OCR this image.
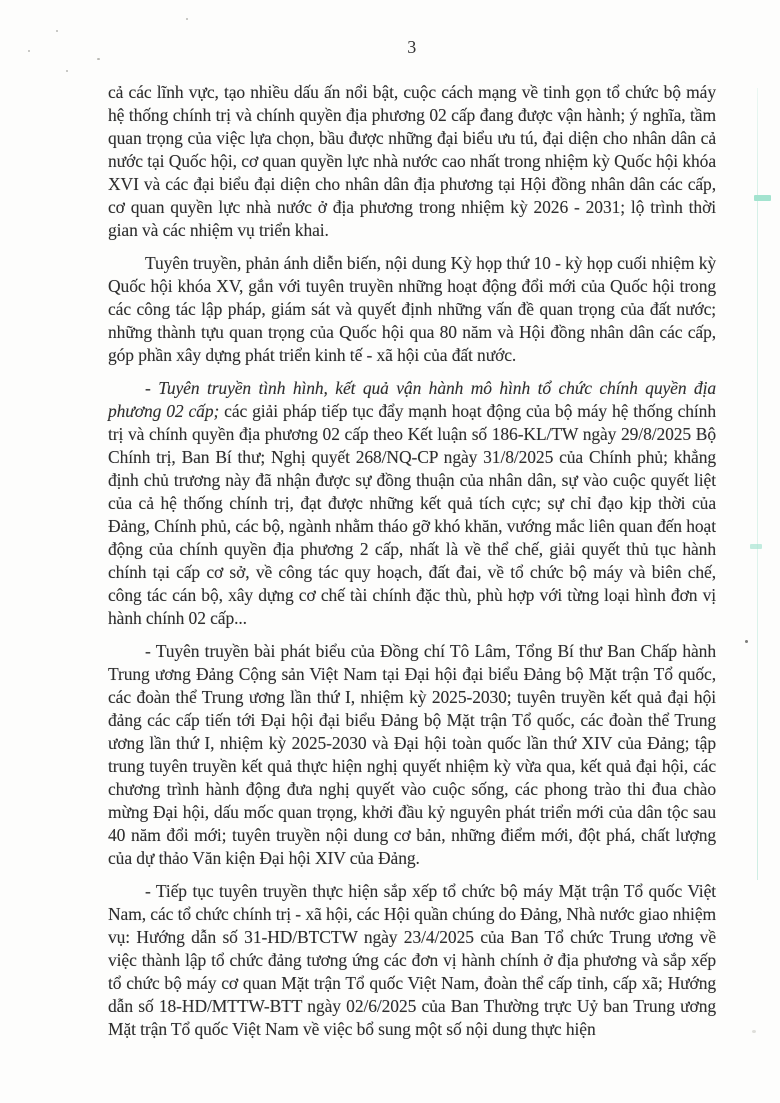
3

cả các lĩnh vực, tạo nhiều dấu ấn nổi bật, cuộc cách mạng về tinh gọn tổ chức bộ máy hệ thống chính trị và chính quyền địa phương 02 cấp đang được vận hành; ý nghĩa, tầm quan trọng của việc lựa chọn, bầu được những đại biểu ưu tú, đại diện cho nhân dân cả nước tại Quốc hội, cơ quan quyền lực nhà nước cao nhất trong nhiệm kỳ Quốc hội khóa XVI và các đại biểu đại diện cho nhân dân địa phương tại Hội đồng nhân dân các cấp, cơ quan quyền lực nhà nước ở địa phương trong nhiệm kỳ 2026 - 2031; lộ trình thời gian và các nhiệm vụ triển khai.

Tuyên truyền, phản ánh diễn biến, nội dung Kỳ họp thứ 10 - kỳ họp cuối nhiệm kỳ Quốc hội khóa XV, gắn với tuyên truyền những hoạt động đổi mới của Quốc hội trong các công tác lập pháp, giám sát và quyết định những vấn đề quan trọng của đất nước; những thành tựu quan trọng của Quốc hội qua 80 năm và Hội đồng nhân dân các cấp, góp phần xây dựng phát triển kinh tế - xã hội của đất nước.

- Tuyên truyền tình hình, kết quả vận hành mô hình tổ chức chính quyền địa phương 02 cấp; các giải pháp tiếp tục đẩy mạnh hoạt động của bộ máy hệ thống chính trị và chính quyền địa phương 02 cấp theo Kết luận số 186-KL/TW ngày 29/8/2025 Bộ Chính trị, Ban Bí thư; Nghị quyết 268/NQ-CP ngày 31/8/2025 của Chính phủ; khẳng định chủ trương này đã nhận được sự đồng thuận của nhân dân, sự vào cuộc quyết liệt của cả hệ thống chính trị, đạt được những kết quả tích cực; sự chỉ đạo kịp thời của Đảng, Chính phủ, các bộ, ngành nhằm tháo gỡ khó khăn, vướng mắc liên quan đến hoạt động của chính quyền địa phương 2 cấp, nhất là về thể chế, giải quyết thủ tục hành chính tại cấp cơ sở, về công tác quy hoạch, đất đai, về tổ chức bộ máy và biên chế, công tác cán bộ, xây dựng cơ chế tài chính đặc thù, phù hợp với từng loại hình đơn vị hành chính 02 cấp...

- Tuyên truyền bài phát biểu của Đồng chí Tô Lâm, Tổng Bí thư Ban Chấp hành Trung ương Đảng Cộng sản Việt Nam tại Đại hội đại biểu Đảng bộ Mặt trận Tổ quốc, các đoàn thể Trung ương lần thứ I, nhiệm kỳ 2025-2030; tuyên truyền kết quả đại hội đảng các cấp tiến tới Đại hội đại biểu Đảng bộ Mặt trận Tổ quốc, các đoàn thể Trung ương lần thứ I, nhiệm kỳ 2025-2030 và Đại hội toàn quốc lần thứ XIV của Đảng; tập trung tuyên truyền kết quả thực hiện nghị quyết nhiệm kỳ vừa qua, kết quả đại hội, các chương trình hành động đưa nghị quyết vào cuộc sống, các phong trào thi đua chào mừng Đại hội, dấu mốc quan trọng, khởi đầu kỷ nguyên phát triển mới của dân tộc sau 40 năm đổi mới; tuyên truyền nội dung cơ bản, những điểm mới, đột phá, chất lượng của dự thảo Văn kiện Đại hội XIV của Đảng.

- Tiếp tục tuyên truyền thực hiện sắp xếp tổ chức bộ máy Mặt trận Tổ quốc Việt Nam, các tổ chức chính trị - xã hội, các Hội quần chúng do Đảng, Nhà nước giao nhiệm vụ: Hướng dẫn số 31-HD/BTCTW ngày 23/4/2025 của Ban Tổ chức Trung ương về việc thành lập tổ chức đảng tương ứng các đơn vị hành chính ở địa phương và sắp xếp tổ chức bộ máy cơ quan Mặt trận Tổ quốc Việt Nam, đoàn thể cấp tỉnh, cấp xã; Hướng dẫn số 18-HD/MTTW-BTT ngày 02/6/2025 của Ban Thường trực Uỷ ban Trung ương Mặt trận Tổ quốc Việt Nam về việc bổ sung một số nội dung thực hiện
